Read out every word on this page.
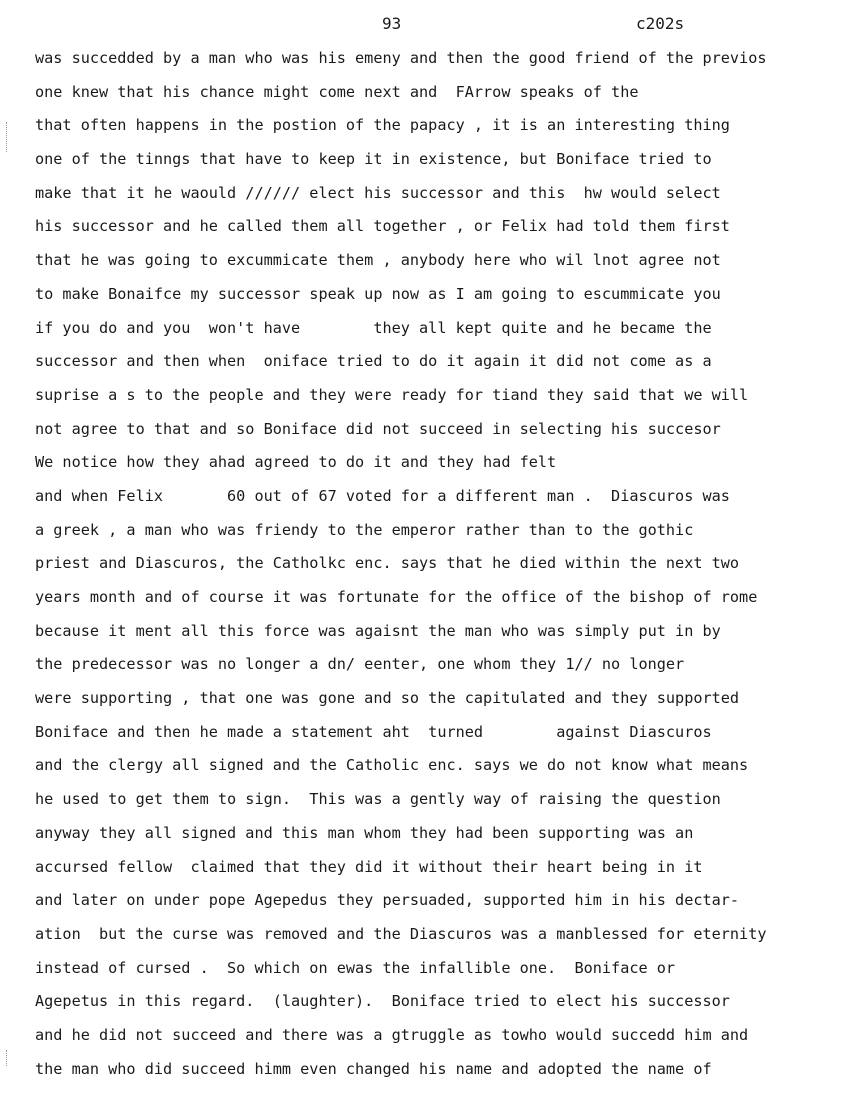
93	c202s
was succedded by a man who was his emeny and then the good friend of the previos
one knew that his chance might come next and  FArrow speaks of the
that often happens in the postion of the papacy , it is an interesting thing
one of the tinngs that have to keep it in existence, but Boniface tried to
make that it he waould ////// elect his successor and this  hw would select
his successor and he called them all together , or Felix had told them first
that he was going to excummicate them , anybody here who wil lnot agree not
to make Bonaifce my successor speak up now as I am going to escummicate you
if you do and you  won't have        they all kept quite and he became the
successor and then when  oniface tried to do it again it did not come as a
suprise a s to the people and they were ready for tiand they said that we will
not agree to that and so Boniface did not succeed in selecting his succesor
We notice how they ahad agreed to do it and they had felt
and when Felix       60 out of 67 voted for a different man .  Diascuros was
a greek , a man who was friendy to the emperor rather than to the gothic
priest and Diascuros, the Catholkc enc. says that he died within the next two
years month and of course it was fortunate for the office of the bishop of rome
because it ment all this force was agaisnt the man who was simply put in by
the predecessor was no longer a dn/ eenter, one whom they 1// no longer
were supporting , that one was gone and so the capitulated and they supported
Boniface and then he made a statement aht  turned        against Diascuros
and the clergy all signed and the Catholic enc. says we do not know what means
he used to get them to sign.  This was a gently way of raising the question
anyway they all signed and this man whom they had been supporting was an
accursed fellow  claimed that they did it without their heart being in it
and later on under pope Agepedus they persuaded, supported him in his dectar-
ation  but the curse was removed and the Diascuros was a manblessed for eternity
instead of cursed .  So which on ewas the infallible one.  Boniface or
Agepetus in this regard.  (laughter).  Boniface tried to elect his successor
and he did not succeed and there was a gtruggle as towho would succedd him and
the man who did succeed himm even changed his name and adopted the name of
